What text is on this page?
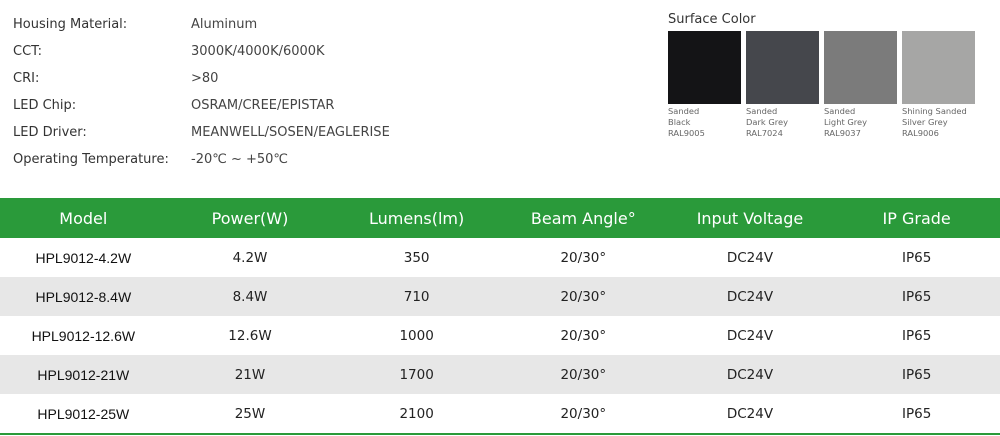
Housing Material:	Aluminum
CCT:	3000K/4000K/6000K
CRI:	>80
LED Chip:	OSRAM/CREE/EPISTAR
LED Driver:	MEANWELL/SOSEN/EAGLERISE
Operating Temperature: -20℃ ~ +50℃
Surface Color
Sanded
Black
RAL9005
Sanded
Dark Grey
RAL7024
Sanded
Light Grey
RAL9037
Shining Sanded
Silver Grey
RAL9006
Model	Power(W)	Lumens(lm)	Beam Angle°	Input Voltage	IP Grade
HPL9012-4.2W	4.2W	350	20/30°	DC24V	IP65
HPL9012-8.4W	8.4W	710	20/30°	DC24V	IP65
HPL9012-12.6W	12.6W	1000	20/30°	DC24V	IP65
HPL9012-21W	21W	1700	20/30°	DC24V	IP65
HPL9012-25W	25W	2100	20/30°	DC24V	IP65
